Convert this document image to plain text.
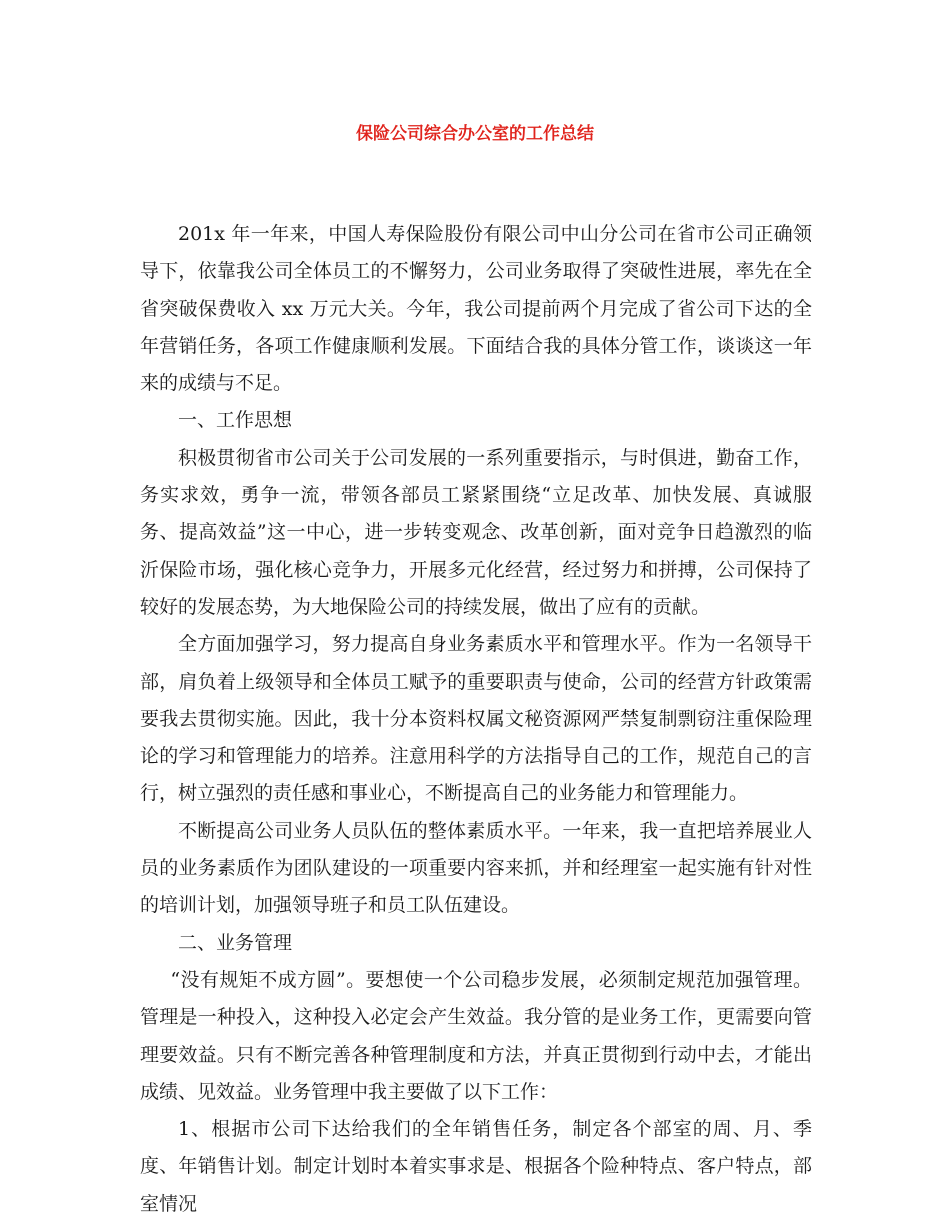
保险公司综合办公室的工作总结

201x 年一年来，中国人寿保险股份有限公司中山分公司在省市公司正确领导下，依靠我公司全体员工的不懈努力，公司业务取得了突破性进展，率先在全省突破保费收入 xx 万元大关。今年，我公司提前两个月完成了省公司下达的全年营销任务，各项工作健康顺利发展。下面结合我的具体分管工作，谈谈这一年来的成绩与不足。

一、工作思想

积极贯彻省市公司关于公司发展的一系列重要指示，与时俱进，勤奋工作，务实求效，勇争一流，带领各部员工紧紧围绕“立足改革、加快发展、真诚服务、提高效益”这一中心，进一步转变观念、改革创新，面对竞争日趋激烈的临沂保险市场，强化核心竞争力，开展多元化经营，经过努力和拼搏，公司保持了较好的发展态势，为大地保险公司的持续发展，做出了应有的贡献。

全方面加强学习，努力提高自身业务素质水平和管理水平。作为一名领导干部，肩负着上级领导和全体员工赋予的重要职责与使命，公司的经营方针政策需要我去贯彻实施。因此，我十分本资料权属文秘资源网严禁复制剽窃注重保险理论的学习和管理能力的培养。注意用科学的方法指导自己的工作，规范自己的言行，树立强烈的责任感和事业心，不断提高自己的业务能力和管理能力。

不断提高公司业务人员队伍的整体素质水平。一年来，我一直把培养展业人员的业务素质作为团队建设的一项重要内容来抓，并和经理室一起实施有针对性的培训计划，加强领导班子和员工队伍建设。

二、业务管理

“没有规矩不成方圆”。要想使一个公司稳步发展，必须制定规范加强管理。管理是一种投入，这种投入必定会产生效益。我分管的是业务工作，更需要向管理要效益。只有不断完善各种管理制度和方法，并真正贯彻到行动中去，才能出成绩、见效益。业务管理中我主要做了以下工作：

1、根据市公司下达给我们的全年销售任务，制定各个部室的周、月、季度、年销售计划。制定计划时本着实事求是、根据各个险种特点、客户特点，部室情况
